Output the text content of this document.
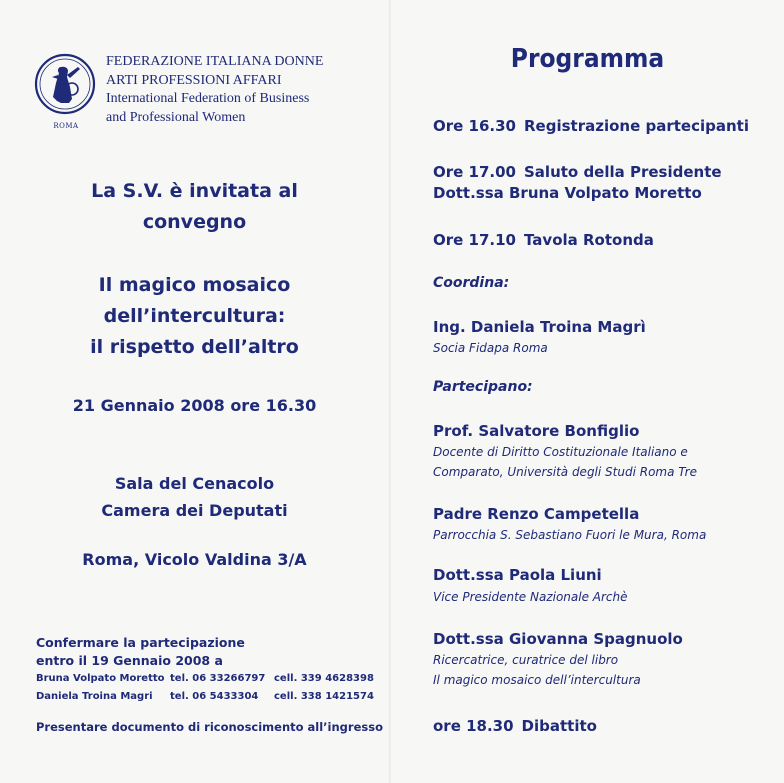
ROMA
FEDERAZIONE ITALIANA DONNE
ARTI PROFESSIONI AFFARI
International Federation of Business
and Professional Women
La S.V. è invitata al
convegno
Il magico mosaico
dell’intercultura:
il rispetto dell’altro
21 Gennaio 2008 ore 16.30
Sala del Cenacolo
Camera dei Deputati
Roma, Vicolo Valdina 3/A
Confermare la partecipazione
entro il 19 Gennaio 2008 a
Bruna Volpato Moretto tel. 06 33266797 cell. 339 4628398
Daniela Troina Magri tel. 06 5433304 cell. 338 1421574
Presentare documento di riconoscimento all’ingresso
Programma
Ore 16.30 Registrazione partecipanti
Ore 17.00 Saluto della Presidente
Dott.ssa Bruna Volpato Moretto
Ore 17.10 Tavola Rotonda
Coordina:
Ing. Daniela Troina Magrì
Socia Fidapa Roma
Partecipano:
Prof. Salvatore Bonfiglio
Docente di Diritto Costituzionale Italiano e
Comparato, Università degli Studi Roma Tre
Padre Renzo Campetella
Parrocchia S. Sebastiano Fuori le Mura, Roma
Dott.ssa Paola Liuni
Vice Presidente Nazionale Archè
Dott.ssa Giovanna Spagnuolo
Ricercatrice, curatrice del libro
Il magico mosaico dell’intercultura
ore 18.30 Dibattito
